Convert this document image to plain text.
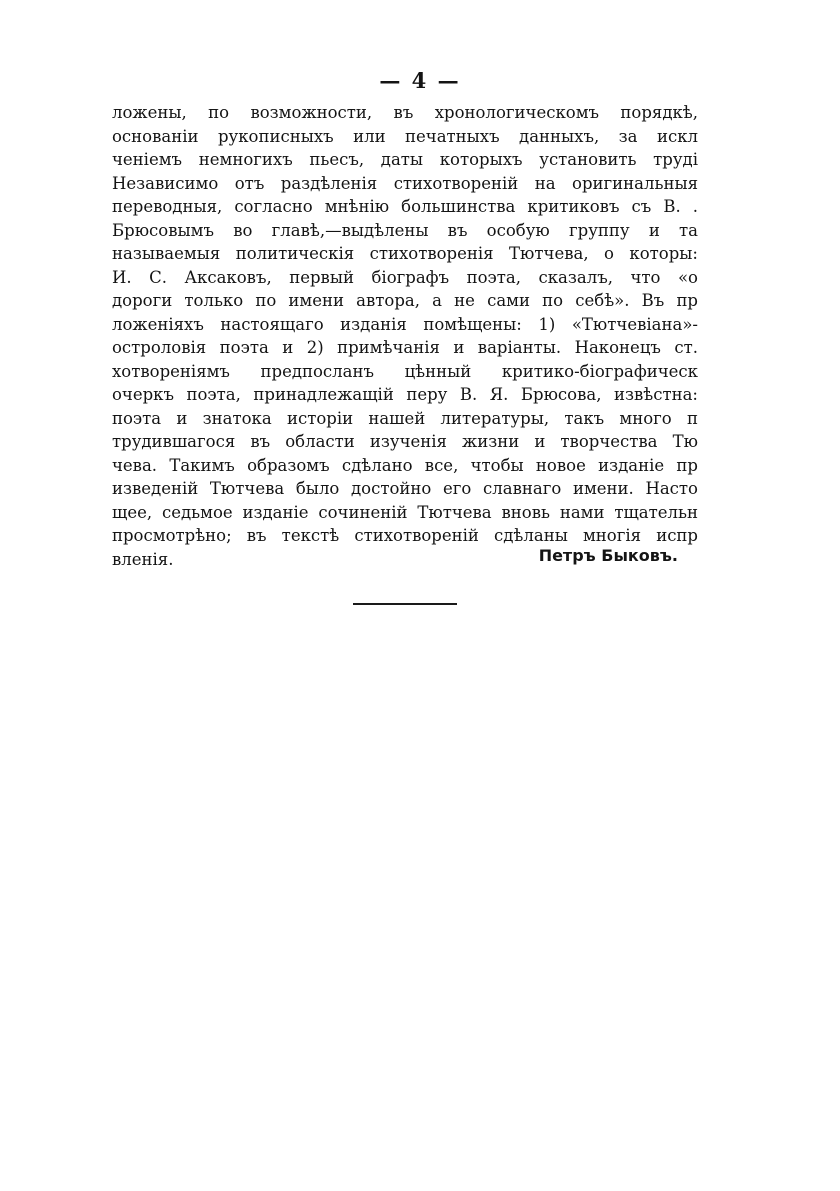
— 4 —
ложены, по возможности, въ хронологическомъ порядкѣ,
основаніи рукописныхъ или печатныхъ данныхъ, за искл
ченіемъ немногихъ пьесъ, даты которыхъ установить труді
Независимо отъ раздѣленія стихотвореній на оригинальныя
переводныя, согласно мнѣнію большинства критиковъ съ В. .
Брюсовымъ во главѣ,—выдѣлены въ особую группу и та
называемыя политическія стихотворенія Тютчева, о которы:
И. С. Аксаковъ, первый біографъ поэта, сказалъ, что «о
дороги только по имени автора, а не сами по себѣ». Въ пр
ложеніяхъ настоящаго изданія помѣщены: 1) «Тютчевіана»-
остроловія поэта и 2) примѣчанія и варіанты. Наконецъ ст.
хотвореніямъ предпосланъ цѣнный критико-біографическ
очеркъ поэта, принадлежащій перу В. Я. Брюсова, извѣстна:
поэта и знатока исторіи нашей литературы, такъ много п
трудившагося въ области изученія жизни и творчества Тю
чева. Такимъ образомъ сдѣлано все, чтобы новое изданіе пр
изведеній Тютчева было достойно его славнаго имени. Насто
щее, седьмое изданіе сочиненій Тютчева вновь нами тщательн
просмотрѣно; въ текстѣ стихотвореній сдѣланы многія испр
вленія.	Петръ Быковъ.
